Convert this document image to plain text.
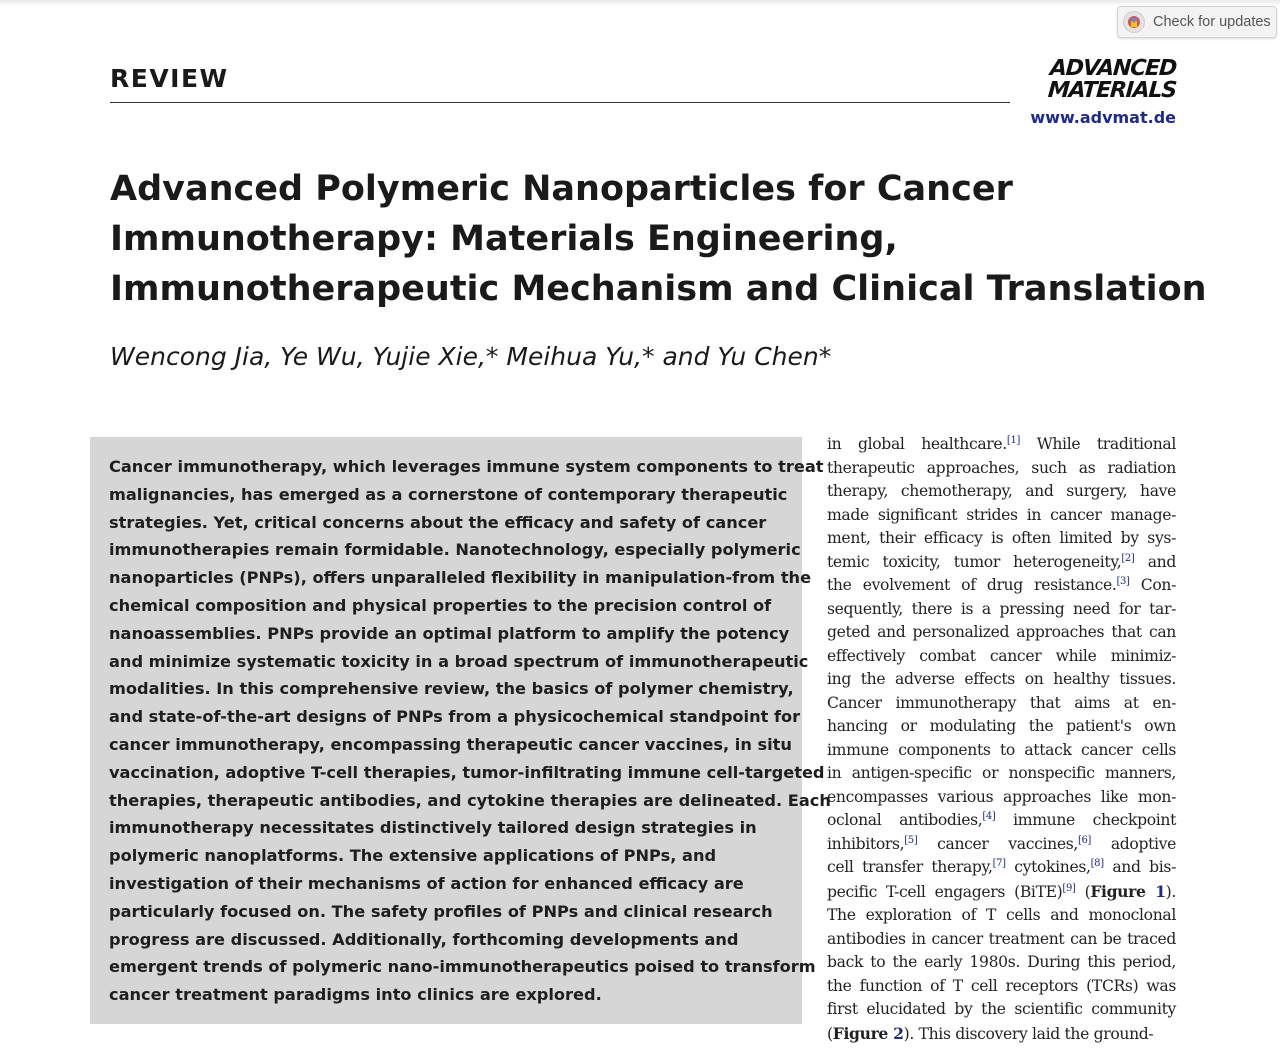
Check for updates
REVIEW	ADVANCED
MATERIALS
www.advmat.de
Advanced Polymeric Nanoparticles for Cancer
Immunotherapy: Materials Engineering,
Immunotherapeutic Mechanism and Clinical Translation
Wencong Jia, Ye Wu, Yujie Xie,* Meihua Yu,* and Yu Chen*
Cancer immunotherapy, which leverages immune system components to treat
malignancies, has emerged as a cornerstone of contemporary therapeutic
strategies. Yet, critical concerns about the efficacy and safety of cancer
immunotherapies remain formidable. Nanotechnology, especially polymeric
nanoparticles (PNPs), offers unparalleled flexibility in manipulation-from the
chemical composition and physical properties to the precision control of
nanoassemblies. PNPs provide an optimal platform to amplify the potency
and minimize systematic toxicity in a broad spectrum of immunotherapeutic
modalities. In this comprehensive review, the basics of polymer chemistry,
and state-of-the-art designs of PNPs from a physicochemical standpoint for
cancer immunotherapy, encompassing therapeutic cancer vaccines, in situ
vaccination, adoptive T-cell therapies, tumor-infiltrating immune cell-targeted
therapies, therapeutic antibodies, and cytokine therapies are delineated. Each
immunotherapy necessitates distinctively tailored design strategies in
polymeric nanoplatforms. The extensive applications of PNPs, and
investigation of their mechanisms of action for enhanced efficacy are
particularly focused on. The safety profiles of PNPs and clinical research
progress are discussed. Additionally, forthcoming developments and
emergent trends of polymeric nano-immunotherapeutics poised to transform
cancer treatment paradigms into clinics are explored.
in global healthcare.[1] While traditional
therapeutic approaches, such as radiation
therapy, chemotherapy, and surgery, have
made significant strides in cancer manage-
ment, their efficacy is often limited by sys-
temic toxicity, tumor heterogeneity,[2] and
the evolvement of drug resistance.[3] Con-
sequently, there is a pressing need for tar-
geted and personalized approaches that can
effectively combat cancer while minimiz-
ing the adverse effects on healthy tissues.
Cancer immunotherapy that aims at en-
hancing or modulating the patient's own
immune components to attack cancer cells
in antigen-specific or nonspecific manners,
encompasses various approaches like mon-
oclonal antibodies,[4] immune checkpoint
inhibitors,[5] cancer vaccines,[6] adoptive
cell transfer therapy,[7] cytokines,[8] and bis-
pecific T-cell engagers (BiTE)[9] (Figure 1).
The exploration of T cells and monoclonal
antibodies in cancer treatment can be traced
back to the early 1980s. During this period,
the function of T cell receptors (TCRs) was
first elucidated by the scientific community
(Figure 2). This discovery laid the ground-
